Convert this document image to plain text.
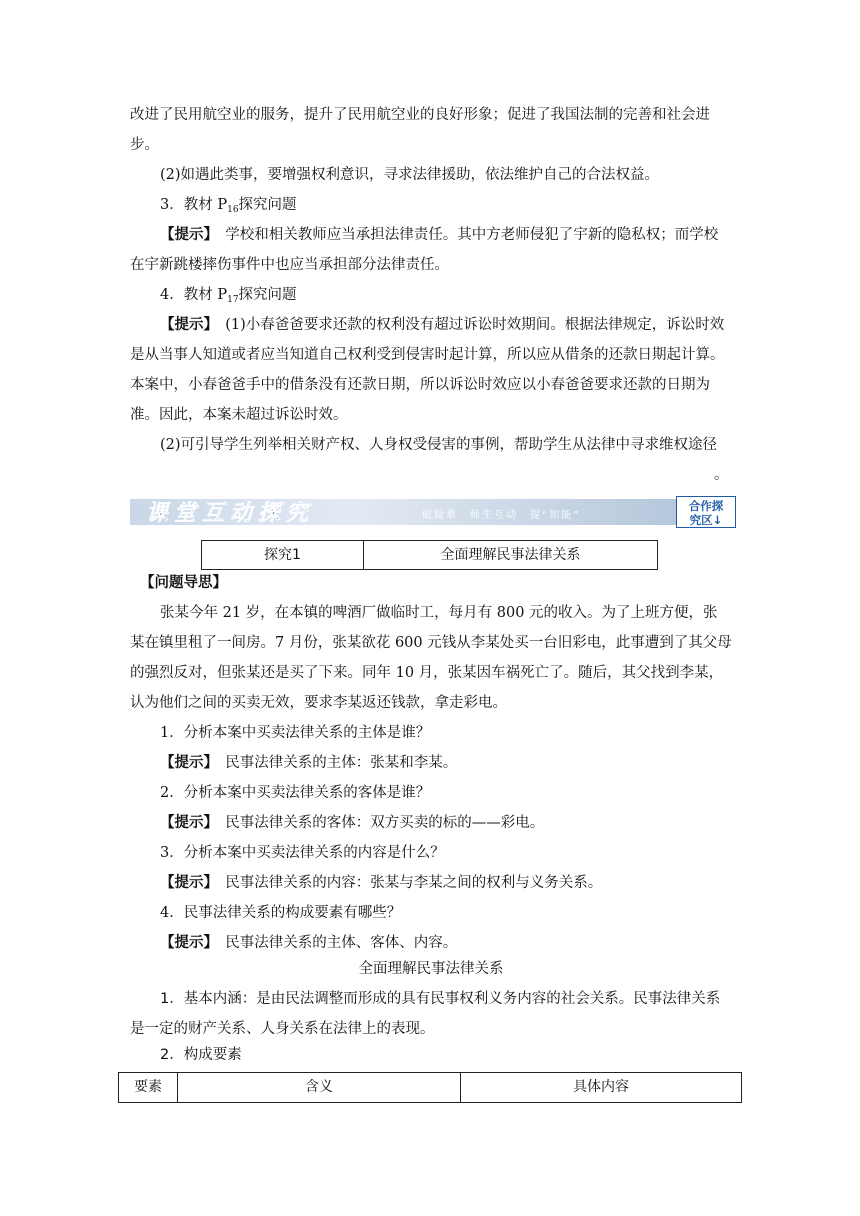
改进了民用航空业的服务，提升了民用航空业的良好形象；促进了我国法制的完善和社会进步。

(2)如遇此类事，要增强权利意识，寻求法律援助，依法维护自己的合法权益。

3．教材 $P_{16}$探究问题

【提示】　 学校和相关教师应当承担法律责任。其中方老师侵犯了宇新的隐私权；而学校在宇新跳楼摔伤事件中也应当承担部分法律责任。

4．教材 $P_{17}$探究问题

【提示】　 (1)小春爸爸要求还款的权利没有超过诉讼时效期间。根据法律规定，诉讼时效是从当事人知道或者应当知道自己权利受到侵害时起计算，所以应从借条的还款日期起计算。本案中，小春爸爸手中的借条没有还款日期，所以诉讼时效应以小春爸爸要求还款的日期为准。因此，本案未超过诉讼时效。

(2)可引导学生列举相关财产权、人身权受侵害的事例，帮助学生从法律中寻求维权途径

。
课堂互动探究	破疑难　师生互动　提“知能”
合作探
究区↓
探究1	全面理解民事法律关系

【问题导思】

张某今年 21 岁，在本镇的啤酒厂做临时工，每月有 800 元的收入。为了上班方便，张某在镇里租了一间房。7 月份，张某欲花 600 元钱从李某处买一台旧彩电，此事遭到了其父母的强烈反对，但张某还是买了下来。同年 10 月，张某因车祸死亡了。随后，其父找到李某，认为他们之间的买卖无效，要求李某返还钱款，拿走彩电。

1．分析本案中买卖法律关系的主体是谁？

【提示】　 民事法律关系的主体：张某和李某。

2．分析本案中买卖法律关系的客体是谁？

【提示】　 民事法律关系的客体：双方买卖的标的——彩电。

3．分析本案中买卖法律关系的内容是什么？

【提示】　 民事法律关系的内容：张某与李某之间的权利与义务关系。

4．民事法律关系的构成要素有哪些？

【提示】　 民事法律关系的主体、客体、内容。

全面理解民事法律关系

1．基本内涵：是由民法调整而形成的具有民事权利义务内容的社会关系。民事法律关系是一定的财产关系、人身关系在法律上的表现。

2．构成要素

要素	含义	具体内容
